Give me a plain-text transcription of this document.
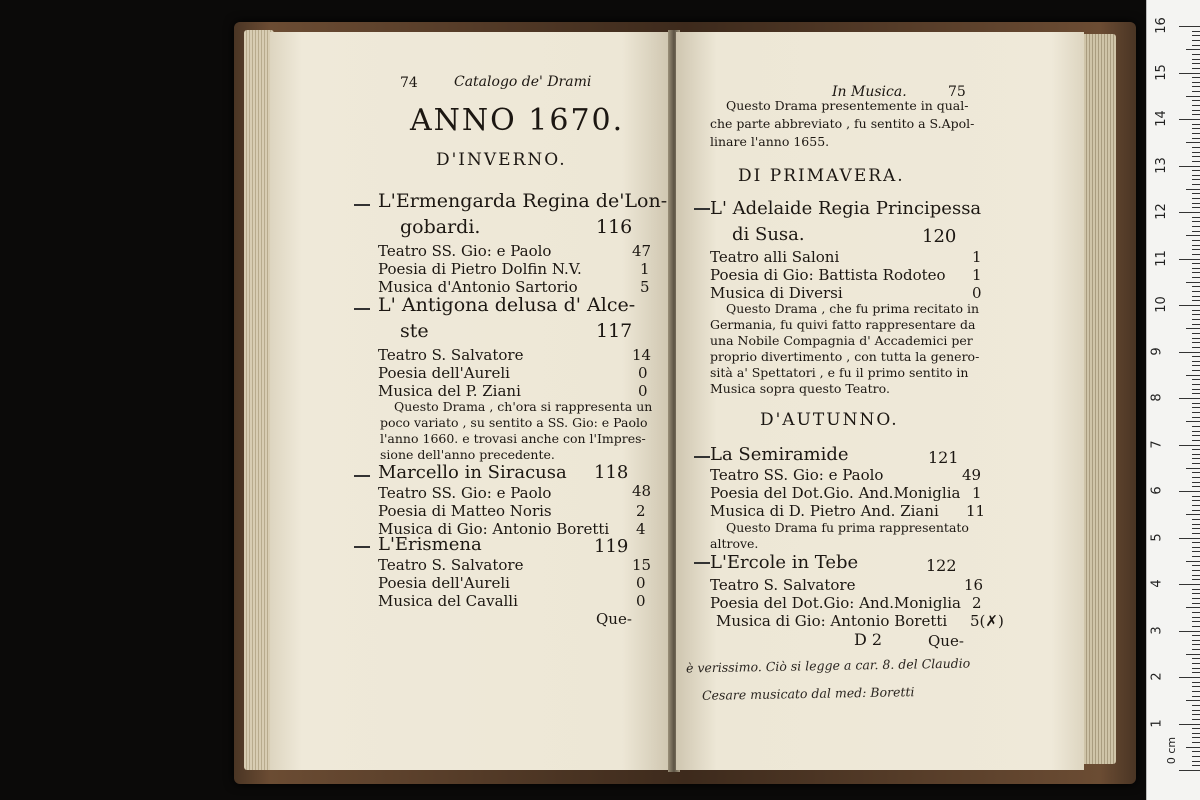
74	Catalogo de' Drami
ANNO 1670.
D'INVERNO.
L'Ermengarda Regina de'Lon-
gobardi.	116
Teatro SS. Gio: e Paolo	47
Poesia di Pietro Dolfin N.V.	1
Musica d'Antonio Sartorio	5
L' Antigona delusa d' Alce-
ste	117
Teatro S. Salvatore	14
Poesia dell'Aureli	0
Musica del P. Ziani	0
Questo Drama , ch'ora si rappresenta un
poco variato , su sentito a SS. Gio: e Paolo
l'anno 1660. e trovasi anche con l'Impres-
sione dell'anno precedente.
Marcello in Siracusa 118
Teatro SS. Gio: e Paolo	48
Poesia di Matteo Noris	2
Musica di Gio: Antonio Boretti 4
L'Erismena	119
Teatro S. Salvatore	15
Poesia dell'Aureli	0
Musica del Cavalli	0
Que-
In Musica.	75
Questo Drama presentemente in qual-
che parte abbreviato , fu sentito a S.Apol-
linare l'anno 1655.
DI PRIMAVERA.
L' Adelaide Regia Principessa
di Susa.	120
Teatro alli Saloni	1
Poesia di Gio: Battista Rodoteo 1
Musica di Diversi	0
Questo Drama , che fu prima recitato in
Germania, fu quivi fatto rappresentare da
una Nobile Compagnia d' Accademici per
proprio divertimento , con tutta la genero-
sità a' Spettatori , e fu il primo sentito in
Musica sopra questo Teatro.
D'AUTUNNO.
La Semiramide	121
Teatro SS. Gio: e Paolo	49
Poesia del Dot.Gio. And.Moniglia 1
Musica di D. Pietro And. Ziani 11
Questo Drama fu prima rappresentato
altrove.
L'Ercole in Tebe	122
Teatro S. Salvatore	16
Poesia del Dot.Gio: And.Moniglia 2
Musica di Gio: Antonio Boretti 5(✗)
D 2	Que-
è verissimo. Ciò si legge a car. 8. del Claudio
Cesare musicato dal med: Boretti
16
15
14
13
12
11
10
9
8
7
6
5
4
3
2
1
0 cm
